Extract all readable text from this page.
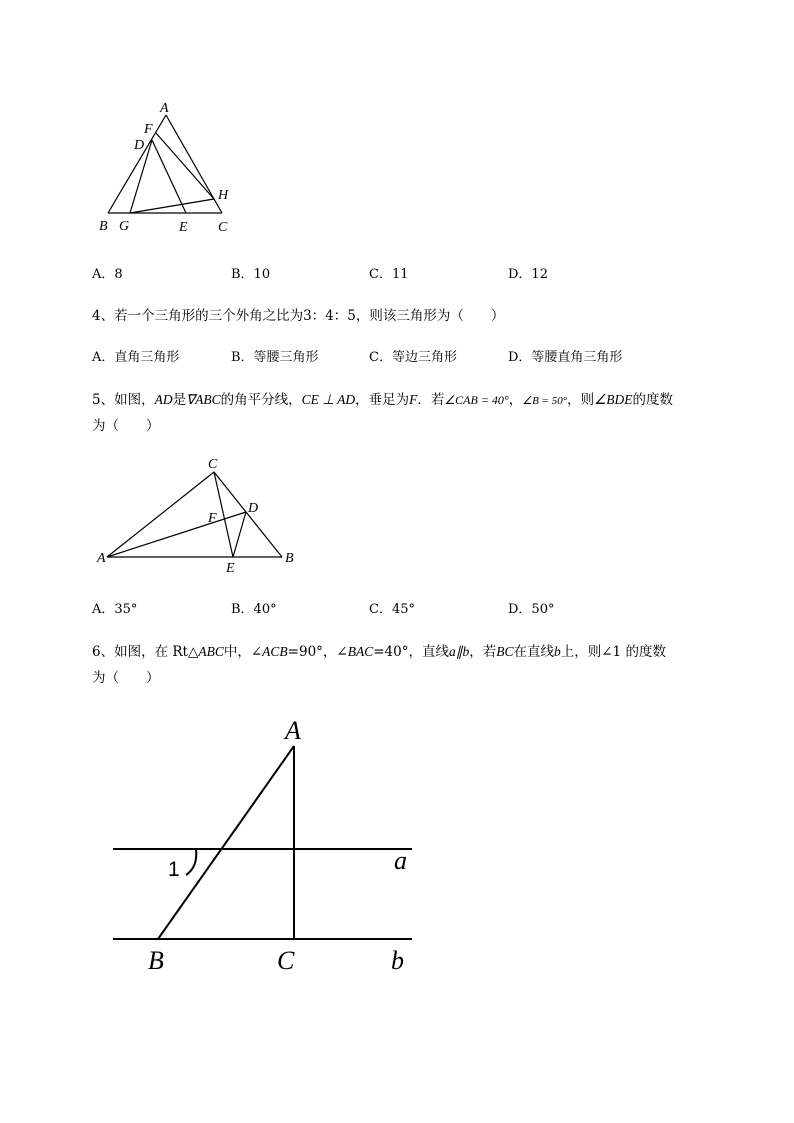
A
F
D
H
B G	E C
A．8	B．10	C．11	D．12
4、若一个三角形的三个外角之比为3：4：5，则该三角形为（　　）
A．直角三角形	B．等腰三角形	C．等边三角形	D．等腰直角三角形
5、如图，AD是∇ABC的角平分线，CE ⊥ AD，垂足为F．若∠CAB = 40°，∠B = 50°，则∠BDE的度数
为（　　）
C
D
F
A
E
B
A．35°	B．40°	C．45°	D．50°
6、如图，在 Rt△ABC中，∠ACB=90°，∠BAC=40°，直线a∥b，若BC在直线b上，则∠1 的度数
为（　　）
A
1	a
B	C	b
